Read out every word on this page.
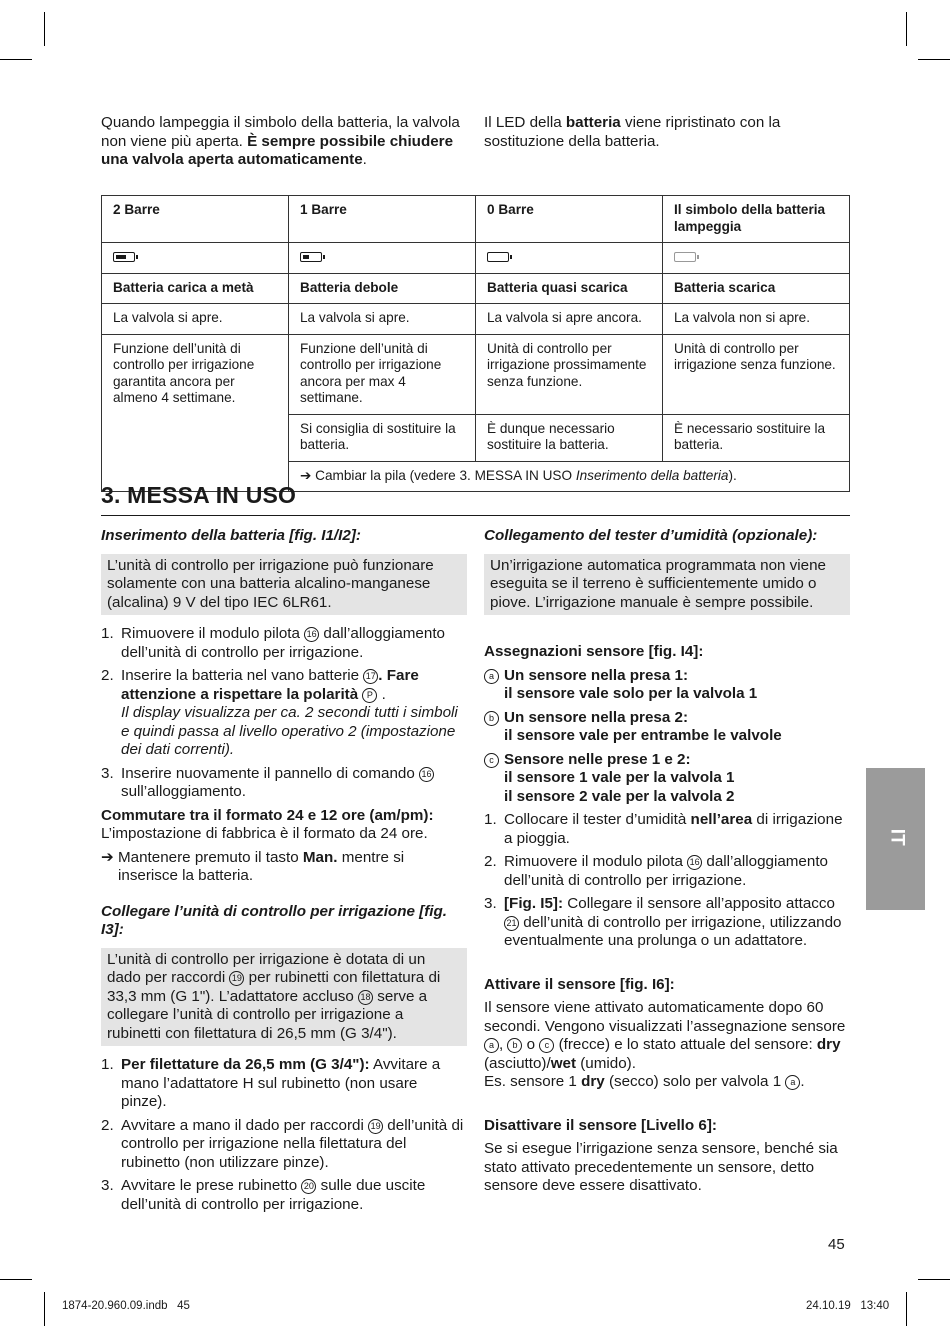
Quando lampeggia il simbolo della batteria, la valvola non viene più aperta. È sempre possibile chiudere una valvola aperta automaticamente.
Il LED della batteria viene ripristinato con la sostituzione della batteria.
2 Barre	1 Barre	0 Barre	Il simbolo della batteria lampeggia

Batteria carica a metà	Batteria debole	Batteria quasi scarica	Batteria scarica
La valvola si apre.	La valvola si apre.	La valvola si apre ancora.	La valvola non si apre.
Funzione dell’unità di controllo per irrigazione garantita ancora per almeno 4 settimane.	Funzione dell’unità di controllo per irrigazione ancora per max 4 settimane.	Unità di controllo per irrigazione prossimamente senza funzione.	Unità di controllo per irrigazione senza funzione.
	Si consiglia di sostituire la batteria.	È dunque necessario sostituire la batteria.	È necessario sostituire la batteria.
	➔ Cambiar la pila (vedere 3. MESSA IN USO Inserimento della batteria).		
3. MESSA IN USO

Inserimento della batteria [fig. I1/I2]:

L’unità di controllo per irrigazione può funzionare solamente con una batteria alcalino-manganese (alcalina) 9 V del tipo IEC 6LR61.
1. Rimuovere il modulo pilota 16 dall’alloggiamento dell’unità di controllo per irrigazione.
2. Inserire la batteria nel vano batterie 17 . Fare attenzione a rispettare la polarità P .
Il display visualizza per ca. 2 secondi tutti i simboli e quindi passa al livello operativo 2 (impostazione dei dati correnti).
3. Inserire nuovamente il pannello di comando 16 sull’alloggiamento.

Commutare tra il formato 24 e 12 ore (am/pm):

L’impostazione di fabbrica è il formato da 24 ore.
➔ Mantenere premuto il tasto Man. mentre si inserisce la batteria.

Collegare l’unità di controllo per irrigazione [fig. I3]:

L’unità di controllo per irrigazione è dotata di un dado per raccordi 19 per rubinetti con filettatura di 33,3 mm (G 1"). L’adattatore accluso 18 serve a collegare l’unità di controllo per irrigazione a rubinetti con filettatura di 26,5 mm (G 3/4").
1. Per filettature da 26,5 mm (G 3/4"): Avvitare a mano l’adattatore H sul rubinetto (non usare pinze).
2. Avvitare a mano il dado per raccordi 19 dell’unità di controllo per irrigazione nella filettatura del rubinetto (non utilizzare pinze).
3. Avvitare le prese rubinetto 20 sulle due uscite dell’unità di controllo per irrigazione.

Collegamento del tester d’umidità (opzionale):

Un’irrigazione automatica programmata non viene eseguita se il terreno è sufficientemente umido o piove. L’irrigazione manuale è sempre possibile.

Assegnazioni sensore [fig. I4]:

a Un sensore nella presa 1:
il sensore vale solo per la valvola 1
b Un sensore nella presa 2:
il sensore vale per entrambe le valvole
c Sensore nelle prese 1 e 2:
il sensore 1 vale per la valvola 1
il sensore 2 vale per la valvola 2
1. Collocare il tester d’umidità nell’area di irrigazione a pioggia.
2. Rimuovere il modulo pilota 16 dall’alloggiamento dell’unità di controllo per irrigazione.
3. [Fig. I5]: Collegare il sensore all’apposito attacco 21 dell’unità di controllo per irrigazione, utilizzando eventualmente una prolunga o un adattatore.

Attivare il sensore [fig. I6]:

Il sensore viene attivato automaticamente dopo 60 secondi. Vengono visualizzati l’assegnazione sensore a , b o c (frecce) e lo stato attuale del sensore: dry (asciutto)/wet (umido).
Es. sensore 1 dry (secco) solo per valvola 1 a .

Disattivare il sensore [Livello 6]:

Se si esegue l’irrigazione senza sensore, benché sia stato attivato precedentemente un sensore, detto sensore deve essere disattivato.
IT
45
1874-20.960.09.indb   45	24.10.19   13:40
